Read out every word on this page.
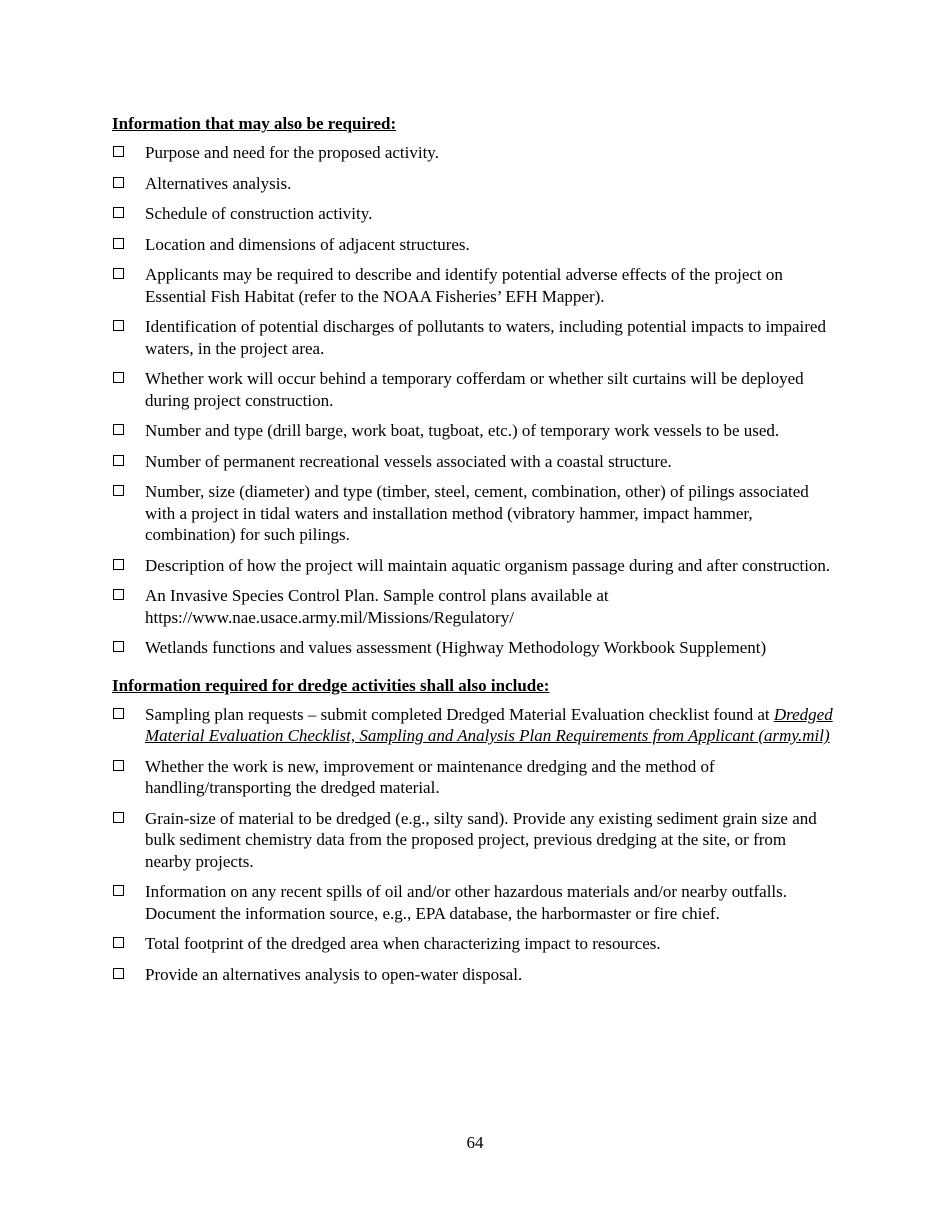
Information that may also be required:

Purpose and need for the proposed activity.
Alternatives analysis.
Schedule of construction activity.
Location and dimensions of adjacent structures.
Applicants may be required to describe and identify potential adverse effects of the project on Essential Fish Habitat (refer to the NOAA Fisheries’ EFH Mapper).
Identification of potential discharges of pollutants to waters, including potential impacts to impaired waters, in the project area.
Whether work will occur behind a temporary cofferdam or whether silt curtains will be deployed during project construction.
Number and type (drill barge, work boat, tugboat, etc.) of temporary work vessels to be used.
Number of permanent recreational vessels associated with a coastal structure.
Number, size (diameter) and type (timber, steel, cement, combination, other) of pilings associated with a project in tidal waters and installation method (vibratory hammer, impact hammer, combination) for such pilings.
Description of how the project will maintain aquatic organism passage during and after construction.
An Invasive Species Control Plan. Sample control plans available at https://www.nae.usace.army.mil/Missions/Regulatory/
Wetlands functions and values assessment (Highway Methodology Workbook Supplement)

Information required for dredge activities shall also include:

Sampling plan requests – submit completed Dredged Material Evaluation checklist found at Dredged Material Evaluation Checklist, Sampling and Analysis Plan Requirements from Applicant (army.mil)
Whether the work is new, improvement or maintenance dredging and the method of handling/transporting the dredged material.
Grain-size of material to be dredged (e.g., silty sand). Provide any existing sediment grain size and bulk sediment chemistry data from the proposed project, previous dredging at the site, or from nearby projects.
Information on any recent spills of oil and/or other hazardous materials and/or nearby outfalls. Document the information source, e.g., EPA database, the harbormaster or fire chief.
Total footprint of the dredged area when characterizing impact to resources.
Provide an alternatives analysis to open-water disposal.
64
